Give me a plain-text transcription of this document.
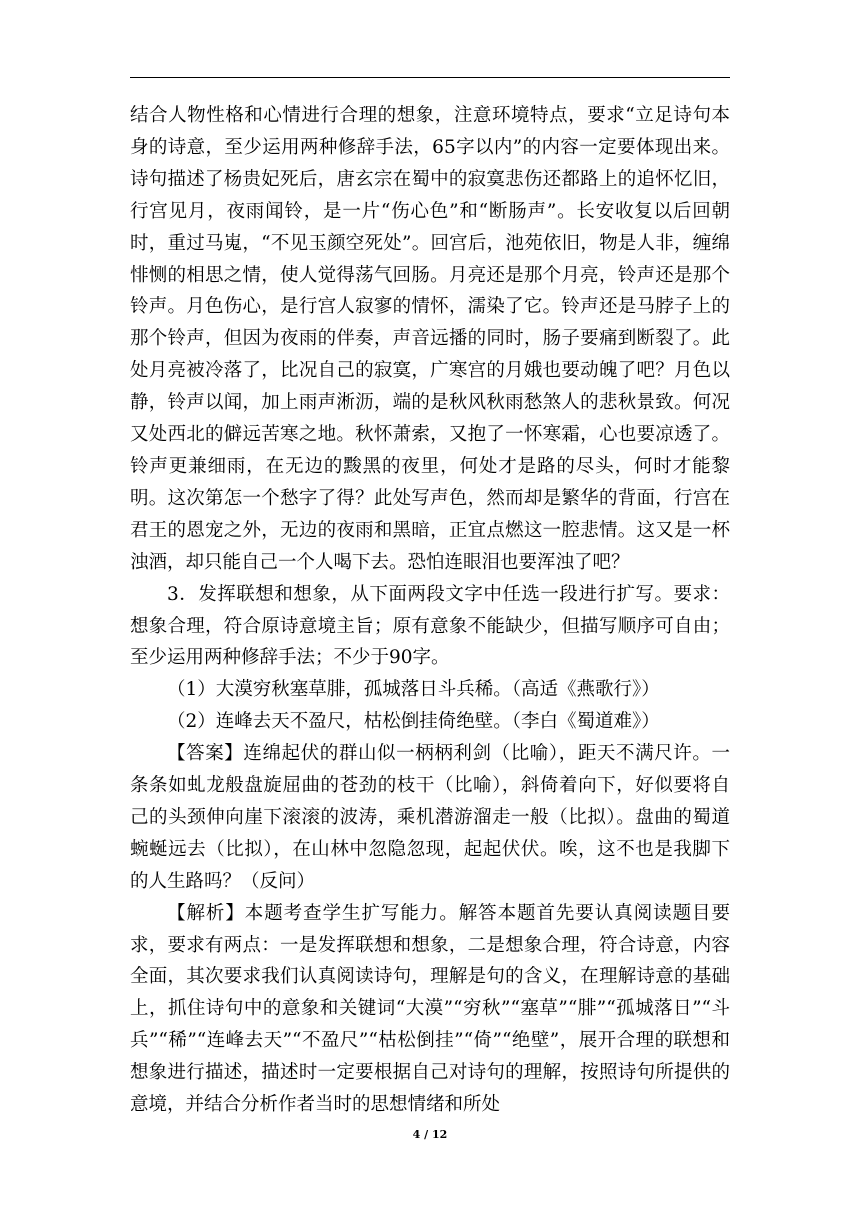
结合人物性格和心情进行合理的想象，注意环境特点，要求“立足诗句本身的诗意，至少运用两种修辞手法，65字以内”的内容一定要体现出来。诗句描述了杨贵妃死后，唐玄宗在蜀中的寂寞悲伤还都路上的追怀忆旧，行宫见月，夜雨闻铃，是一片“伤心色”和“断肠声”。长安收复以后回朝时，重过马嵬，“不见玉颜空死处”。回宫后，池苑依旧，物是人非，缠绵悱恻的相思之情，使人觉得荡气回肠。月亮还是那个月亮，铃声还是那个铃声。月色伤心，是行宫人寂寥的情怀，濡染了它。铃声还是马脖子上的那个铃声，但因为夜雨的伴奏，声音远播的同时，肠子要痛到断裂了。此处月亮被冷落了，比况自己的寂寞，广寒宫的月娥也要动魄了吧？月色以静，铃声以闻，加上雨声淅沥，端的是秋风秋雨愁煞人的悲秋景致。何况又处西北的僻远苦寒之地。秋怀萧索，又抱了一怀寒霜，心也要凉透了。铃声更兼细雨，在无边的黢黑的夜里，何处才是路的尽头，何时才能黎明。这次第怎一个愁字了得？此处写声色，然而却是繁华的背面，行宫在君王的恩宠之外，无边的夜雨和黑暗，正宜点燃这一腔悲情。这又是一杯浊酒，却只能自己一个人喝下去。恐怕连眼泪也要浑浊了吧？

3．发挥联想和想象，从下面两段文字中任选一段进行扩写。要求：想象合理，符合原诗意境主旨；原有意象不能缺少，但描写顺序可自由；至少运用两种修辞手法；不少于90字。

（1）大漠穷秋塞草腓，孤城落日斗兵稀。（高适《燕歌行》）

（2）连峰去天不盈尺，枯松倒挂倚绝壁。（李白《蜀道难》）

【答案】连绵起伏的群山似一柄柄利剑（比喻），距天不满尺许。一条条如虬龙般盘旋屈曲的苍劲的枝干（比喻），斜倚着向下，好似要将自己的头颈伸向崖下滚滚的波涛，乘机潜游溜走一般（比拟）。盘曲的蜀道蜿蜒远去（比拟），在山林中忽隐忽现，起起伏伏。唉，这不也是我脚下的人生路吗？（反问）

【解析】本题考查学生扩写能力。解答本题首先要认真阅读题目要求，要求有两点：一是发挥联想和想象，二是想象合理，符合诗意，内容全面，其次要求我们认真阅读诗句，理解是句的含义，在理解诗意的基础上，抓住诗句中的意象和关键词“大漠”“穷秋”“塞草”“腓”“孤城落日”“斗兵”“稀”“连峰去天”“不盈尺”“枯松倒挂”“倚”“绝壁”，展开合理的联想和想象进行描述，描述时一定要根据自己对诗句的理解，按照诗句所提供的意境，并结合分析作者当时的思想情绪和所处

4 / 12
